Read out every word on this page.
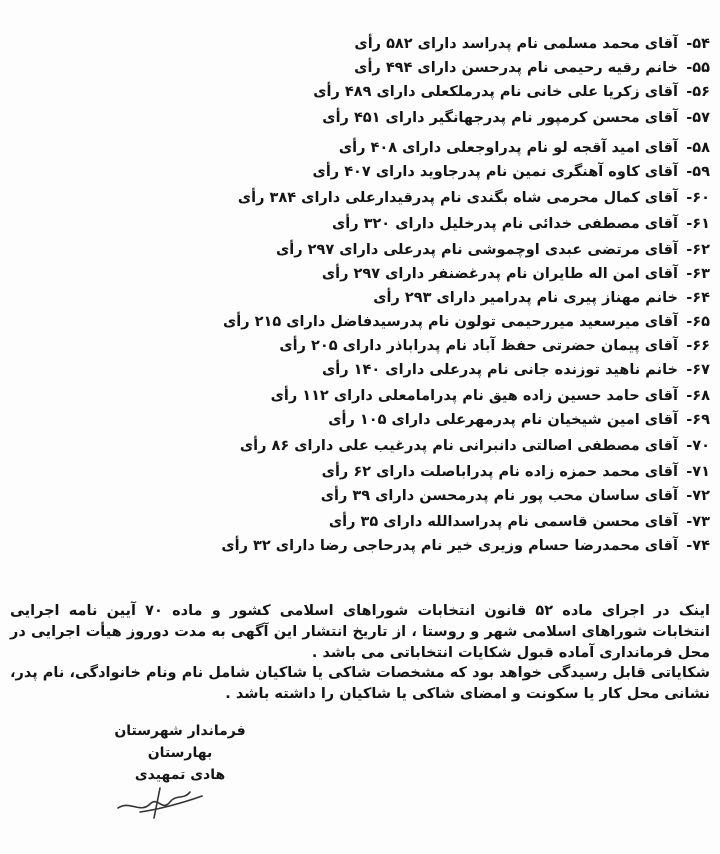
۵۴-آقای محمد مسلمی نام پدراسد دارای ۵۸۲ رأی
۵۵-خانم رقیه رحیمی نام پدرحسن دارای ۴۹۴ رأی
۵۶-آقای زکریا علی خانی نام پدرملکعلی دارای ۴۸۹ رأی
۵۷-آقای محسن کرمپور نام پدرجهانگیر دارای ۴۵۱ رأی
۵۸-آقای امید آقجه لو نام پدراوجعلی دارای ۴۰۸ رأی
۵۹-آقای کاوه آهنگری نمین نام پدرجاوید دارای ۴۰۷ رأی
۶۰-آقای کمال محرمی شاه بگندی نام پدرقیدارعلی دارای ۳۸۴ رأی
۶۱-آقای مصطفی خدائی نام پدرخلیل دارای ۳۲۰ رأی
۶۲-آقای مرتضی عبدی اوچموشی نام پدرعلی دارای ۲۹۷ رأی
۶۳-آقای امن اله طایران نام پدرغضنفر دارای ۲۹۷ رأی
۶۴-خانم مهناز پیری نام پدرامیر دارای ۲۹۳ رأی
۶۵-آقای میرسعید میررحیمی تولون نام پدرسیدفاضل دارای ۲۱۵ رأی
۶۶-آقای پیمان حضرتی حفظ آباد نام پدراباذر دارای ۲۰۵ رأی
۶۷-خانم ناهید توزنده جانی نام پدرعلی دارای ۱۴۰ رأی
۶۸-آقای حامد حسین زاده هیق نام پدرامامعلی دارای ۱۱۲ رأی
۶۹-آقای امین شیخیان نام پدرمهرعلی دارای ۱۰۵ رأی
۷۰-آقای مصطفی اصالتی دانبرانی نام پدرغیب علی دارای ۸۶ رأی
۷۱-آقای محمد حمزه زاده نام پدراباصلت دارای ۶۲ رأی
۷۲-آقای ساسان محب پور نام پدرمحسن دارای ۳۹ رأی
۷۳-آقای محسن قاسمی نام پدراسدالله دارای ۳۵ رأی
۷۴-آقای محمدرضا حسام وزیری خیر نام پدرحاجی رضا دارای ۳۲ رأی
اینک در اجرای ماده ۵۲ قانون انتخابات شوراهای اسلامی کشور و ماده ۷۰ آیین نامه اجرایی انتخابات شوراهای اسلامی شهر و روستا ، از تاریخ انتشار این آگهی به مدت دوروز هیأت اجرایی در محل فرمانداری آماده قبول شکایات انتخاباتی می باشد .
شکایاتی قابل رسیدگی خواهد بود که مشخصات شاکی یا شاکیان شامل نام ونام خانوادگی، نام پدر، نشانی محل کار یا سکونت و امضای شاکی یا شاکیان را داشته باشد .
فرماندار شهرستان بهارستان
هادی تمهیدی
